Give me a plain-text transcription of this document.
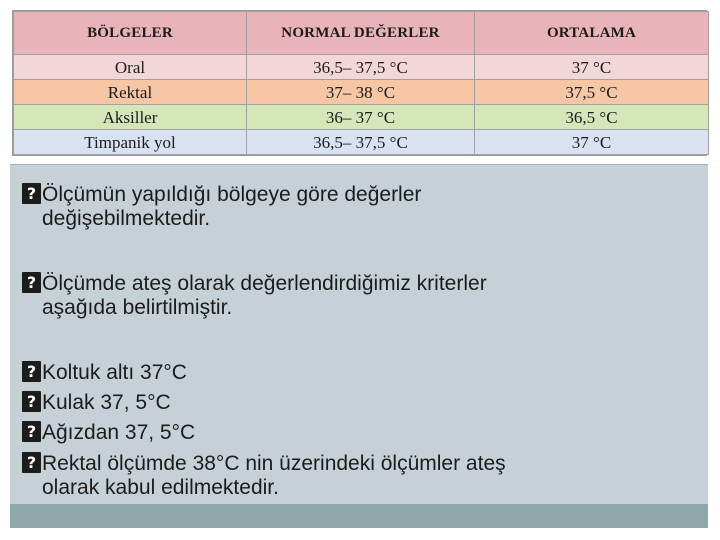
BÖLGELER	NORMAL DEĞERLER	ORTALAMA
Oral	36,5– 37,5 °C	37 °C
Rektal	37– 38 °C	37,5 °C
Aksiller	36– 37 °C	36,5 °C
Timpanik yol	36,5– 37,5 °C	37 °C
?Ölçümün yapıldığı bölgeye göre değerler
değişebilmektedir.
?Ölçümde ateş olarak değerlendirdiğimiz kriterler
aşağıda belirtilmiştir.
?Koltuk altı 37°C
?Kulak 37, 5°C
?Ağızdan 37, 5°C
?Rektal ölçümde 38°C nin üzerindeki ölçümler ateş
olarak kabul edilmektedir.
